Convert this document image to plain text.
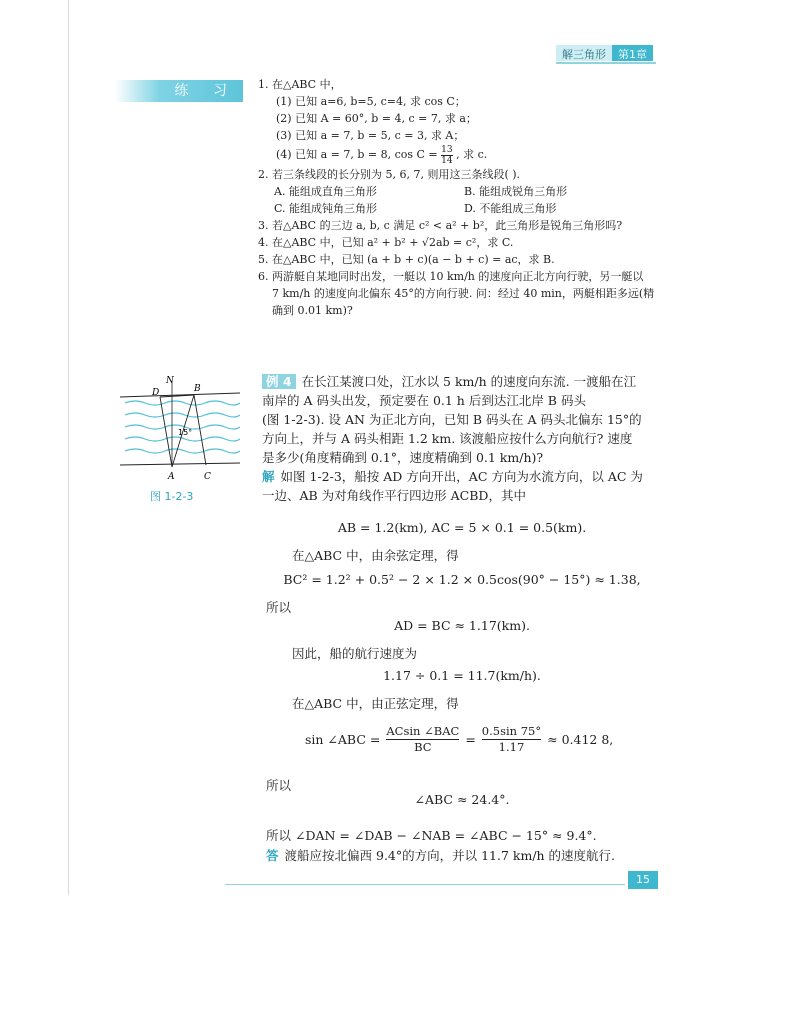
解三角形	第1章
练 习	1. 在△ABC 中，
(1) 已知 a=6, b=5, c=4, 求 cos C；
(2) 已知 A = 60°, b = 4, c = 7, 求 a；
(3) 已知 a = 7, b = 5, c = 3, 求 A；
(4) 已知 a = 7, b = 8, $\cos C = \frac{13}{14}$ , 求 c.
2. 若三条线段的长分别为 5, 6, 7, 则用这三条线段( ).
A. 能组成直角三角形	B. 能组成锐角三角形
C. 能组成钝角三角形	D. 不能组成三角形
3. 若△ABC 的三边 a, b, c 满足 c² < a² + b²，此三角形是锐角三角形吗?
4. 在△ABC 中，已知 a² + b² + √2ab = c²，求 C.
5. 在△ABC 中，已知 (a + b + c)(a − b + c) = ac，求 B.
6. 两游艇自某地同时出发，一艇以 10 km/h 的速度向正北方向行驶，另一艇以
7 km/h 的速度向北偏东 45°的方向行驶. 问：经过 40 min，两艇相距多远(精
确到 0.01 km)?
N
D	B
15°
A	C
图 1-2-3
例 4 在长江某渡口处，江水以 5 km/h 的速度向东流. 一渡船在江
南岸的 A 码头出发，预定要在 0.1 h 后到达江北岸 B 码头
(图 1-2-3). 设 AN 为正北方向，已知 B 码头在 A 码头北偏东 15°的
方向上，并与 A 码头相距 1.2 km. 该渡船应按什么方向航行? 速度
是多少(角度精确到 0.1°，速度精确到 0.1 km/h)?
解 如图 1-2-3，船按 AD 方向开出，AC 方向为水流方向，以 AC 为
一边、AB 为对角线作平行四边形 ACBD，其中
AB = 1.2(km), AC = 5 × 0.1 = 0.5(km).
在△ABC 中，由余弦定理，得
BC² = 1.2² + 0.5² − 2 × 1.2 × 0.5cos(90° − 15°) ≈ 1.38,
所以
AD = BC ≈ 1.17(km).
因此，船的航行速度为
1.17 ÷ 0.1 = 11.7(km/h).
在△ABC 中，由正弦定理，得
sin ∠ABC = $\frac{\text{ACsin ∠BAC}}{BC} = \frac{0.5\sin 75^\circ}{1.17} \approx 0.412$ 8,
所以
∠ABC ≈ 24.4°.
所以 ∠DAN = ∠DAB − ∠NAB = ∠ABC − 15° ≈ 9.4°.
答 渡船应按北偏西 9.4°的方向，并以 11.7 km/h 的速度航行.
15
